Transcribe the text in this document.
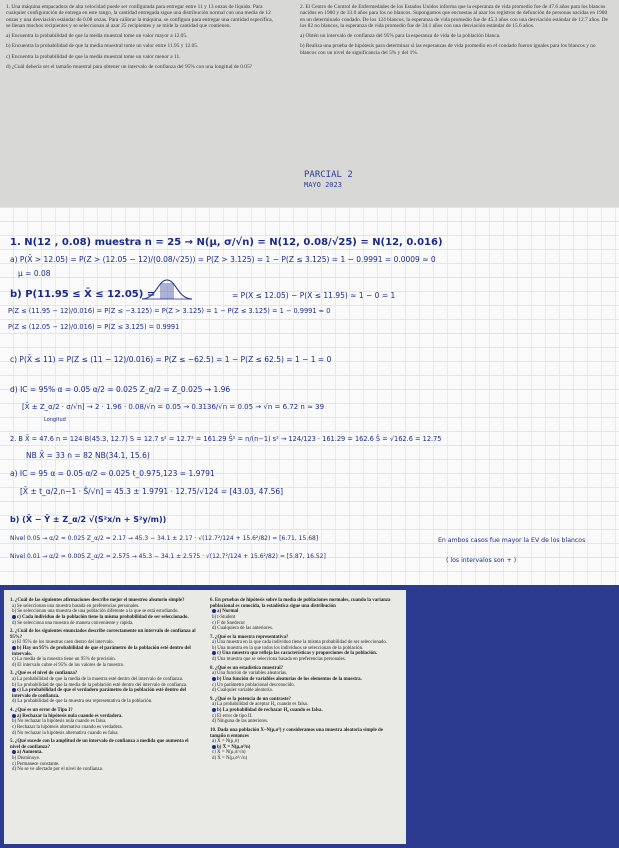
1. Una máquina empacadora de alta velocidad puede ser configurada para entregar entre 11 y 13 onzas de líquido. Para cualquier configuración de entrega en este rango, la cantidad entregada sigue una distribución normal con una media de 12 onzas y una desviación estándar de 0.08 onzas. Para calibrar la máquina, se configura para entregar una cantidad específica, se llenan muchos recipientes y se seleccionan al azar 25 recipientes y se mide la cantidad que contienen.

a) Encuentra la probabilidad de que la media muestral tome un valor mayor a 12.05.

b) Encuentra la probabilidad de que la media muestral tome un valor entre 11.95 y 12.05.

c) Encuentra la probabilidad de que la media muestral tome un valor menor a 11.

d) ¿Cuál debería ser el tamaño muestral para obtener un intervalo de confianza del 95% con una longitud de 0.05?

2. El Centro de Control de Enfermedades de los Estados Unidos informa que la esperanza de vida promedio fue de 47.6 años para los blancos nacidos en 1900 y de 33.0 años para los no blancos. Supongamos que encuestas al azar los registros de defunción de personas nacidas en 1900 en un determinado condado. De los 124 blancos, la esperanza de vida promedio fue de 45.3 años con una desviación estándar de 12.7 años. De los 82 no blancos, la esperanza de vida promedio fue de 34.1 años con una desviación estándar de 15.6 años.

a) Obtén un intervalo de confianza del 95% para la esperanza de vida de la población blanca.

b) Realiza una prueba de hipótesis para determinar si las esperanzas de vida promedio en el condado fueron iguales para los blancos y no blancos con un nivel de significancia del 5% y del 1%.

PARCIAL 2
MAYO 2023
1. N(12 , 0.08) muestra n = 25 → N(μ, σ/√n) = N(12, 0.08/√25) = N(12, 0.016)
a) P(X̄ > 12.05) = P(Z > (12.05 − 12)/(0.08/√25)) = P(Z > 3.125) = 1 − P(Z ≤ 3.125) = 1 − 0.9991 = 0.0009 ≈ 0
μ = 0.08
b) P(11.95 ≤ X̄ ≤ 12.05) =	= P(X ≤ 12.05) − P(X ≤ 11.95) ≈ 1 − 0 = 1
P(Z ≤ (11.95 − 12)/0.016) = P(Z ≤ −3.125) = P(Z > 3.125) = 1 − P(Z ≤ 3.125) = 1 − 0.9991 ≈ 0
P(Z ≤ (12.05 − 12)/0.016) = P(Z ≤ 3.125) = 0.9991
c) P(X̄ ≤ 11) = P(Z ≤ (11 − 12)/0.016) = P(Z ≤ −62.5) = 1 − P(Z ≤ 62.5) = 1 − 1 = 0
d) IC = 95% α = 0.05 α/2 = 0.025 Z_α/2 = Z_0.025 → 1.96
[X̄ ± Z_α/2 · σ/√n] → 2 · 1.96 · 0.08/√n = 0.05 → 0.3136/√n = 0.05 → √n = 6.72 n ≈ 39
Longitud
2. B X̄ = 47.6 n = 124 B(45.3, 12.7) S = 12.7 s² = 12.7² = 161.29 Ŝ² = n/(n−1) s² → 124/123 · 161.29 = 162.6 Ŝ = √162.6 = 12.75
NB X̄ = 33 n = 82 NB(34.1, 15.6)
a) IC = 95 α = 0.05 α/2 = 0.025 t_0.975,123 = 1.9791
[X̄ ± t_α/2,n−1 · Ŝ/√n] = 45.3 ± 1.9791 · 12.75/√124 = [43.03, 47.56]
b) (X̄ − Ȳ ± Z_α/2 √(S²x/n + S²y/m))
Nivel 0.05 → α/2 = 0.025 Z_α/2 = 2.17 → 45.3 − 34.1 ± 2.17 · √(12.7²/124 + 15.6²/82) = [6.71, 15.68]
Nivel 0.01 → α/2 = 0.005 Z_α/2 = 2.575 → 45.3 − 34.1 ± 2.575 · √(12.7²/124 + 15.6²/82) = [5.87, 16.52]
En ambos casos fue mayor la EV de los blancos
( los intervalos son + )
1. ¿Cuál de las siguientes afirmaciones describe mejor el muestreo aleatorio simple?
a) Se seleccionan una muestra basada en preferencias personales.
b) Se seleccionan una muestra de una población diferente a la que se está estudiando.
c) Cada individuo de la población tiene la misma probabilidad de ser seleccionado.
d) Se selecciona una muestra de manera conveniente y rápida.
2. ¿Cuál de los siguientes enunciados describe correctamente un intervalo de confianza al 95%?
a) El 95% de los muestras caen dentro del intervalo.
b) Hay un 95% de probabilidad de que el parámetro de la población esté dentro del intervalo.
c) La media de la muestra tiene un 95% de precisión.
d) El intervalo cubre el 95% de los valores de la muestra.
3. ¿Qué es el nivel de confianza?
a) La probabilidad de que la media de la muestra esté dentro del intervalo de confianza.
b) La probabilidad de que la media de la población esté dentro del intervalo de confianza.
c) La probabilidad de que el verdadero parámetro de la población esté dentro del intervalo de confianza.
d) La probabilidad de que la muestra sea representativa de la población.
4. ¿Qué es un error de Tipo I?
a) Rechazar la hipótesis nula cuando es verdadera.
b) No rechazar la hipótesis nula cuando es falsa.
c) Rechazar la hipótesis alternativa cuando es verdadera.
d) No rechazar la hipótesis alternativa cuando es falsa.
5. ¿Qué sucede con la amplitud de un intervalo de confianza a medida que aumenta el nivel de confianza?
a) Aumenta.
b) Disminuye.
c) Permanece constante.
d) No se ve afectado por el nivel de confianza.
6. En pruebas de hipótesis sobre la media de poblaciones normales, cuando la varianza poblacional es conocida, la estadística sigue una distribución
a) Normal
b) t-Student
c) F de Snedecor
d) Cualquiera de las anteriores.
7. ¿Qué es la muestra representativa?
a) Una muestra en la que cada individuo tiene la misma probabilidad de ser seleccionado.
b) Una muestra en la que todos los individuos se seleccionan de la población.
c) Una muestra que refleja las características y proporciones de la población.
d) Una muestra que se selecciona basada en preferencias personales.
8. ¿Qué es un estadístico muestral?
a) Una función de variables aleatorias.
b) Una función de variables aleatorias de los elementos de la muestra.
c) Un parámetro poblacional desconocido.
d) Cualquier variable aleatoria.
9. ¿Qué es la potencia de un contraste?
a) La probabilidad de aceptar H₀ cuando es falsa.
b) La probabilidad de rechazar H₀ cuando es falsa.
c) El error de tipo II.
d) Ninguna de las anteriores.
10. Dada una población X~N(μ,σ²) y consideramos una muestra aleatoria simple de tamaño n entonces
a) X̄ = N(μ,σ)
b) X̄ = N(μ,σ²/n)
c) X̄ = N(μ,σ/√n)
d) X̄ = N(μ,σ²/√n)
